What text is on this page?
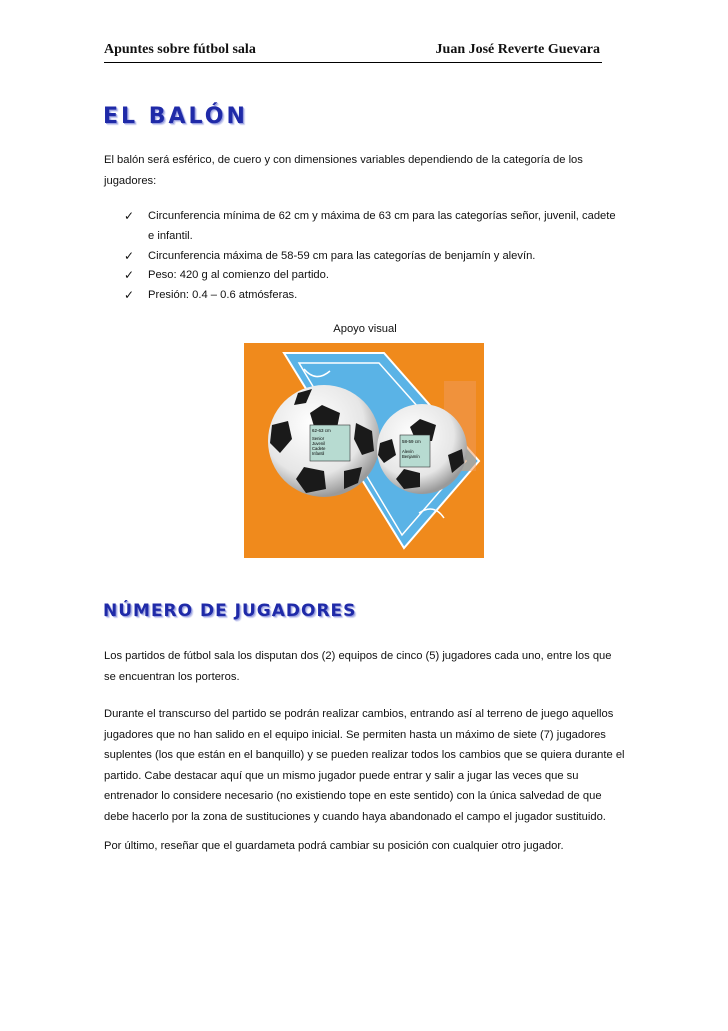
Apuntes sobre fútbol sala	Juan José Reverte Guevara
EL BALÓN

El balón será esférico, de cuero y con dimensiones variables dependiendo de la categoría de los jugadores:

✓ Circunferencia mínima de 62 cm y máxima de 63 cm para las categorías señor, juvenil, cadete e infantil.
✓ Circunferencia máxima de 58-59 cm para las categorías de benjamín y alevín.
✓ Peso: 420 g al comienzo del partido.
✓ Presión: 0.4 – 0.6 atmósferas.
Apoyo visual
62-63 cm
Senior
Juvenil
Cadete
Infantil
58-59 cm
Alevín
Benjamín
NÚMERO DE JUGADORES

Los partidos de fútbol sala los disputan dos (2) equipos de cinco (5) jugadores cada uno, entre los que se encuentran los porteros.

Durante el transcurso del partido se podrán realizar cambios, entrando así al terreno de juego aquellos jugadores que no han salido en el equipo inicial. Se permiten hasta un máximo de siete (7) jugadores suplentes (los que están en el banquillo) y se pueden realizar todos los cambios que se quiera durante el partido. Cabe destacar aquí que un mismo jugador puede entrar y salir a jugar las veces que su entrenador lo considere necesario (no existiendo tope en este sentido) con la única salvedad de que debe hacerlo por la zona de sustituciones y cuando haya abandonado el campo el jugador sustituido.

Por último, reseñar que el guardameta podrá cambiar su posición con cualquier otro jugador.
